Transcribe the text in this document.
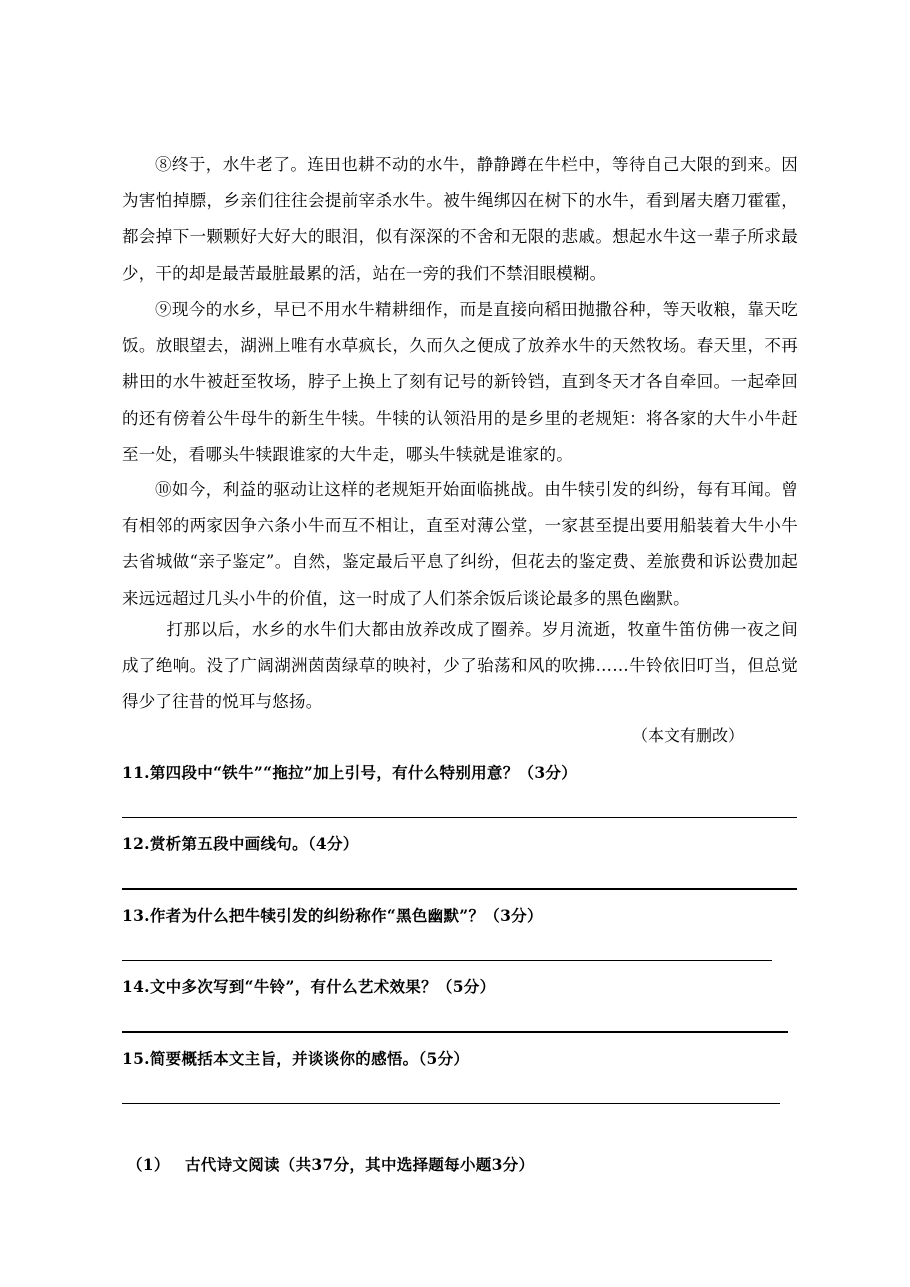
⑧终于，水牛老了。连田也耕不动的水牛，静静蹲在牛栏中，等待自己大限的到来。因为害怕掉膘，乡亲们往往会提前宰杀水牛。被牛绳绑囚在树下的水牛，看到屠夫磨刀霍霍，都会掉下一颗颗好大好大的眼泪，似有深深的不舍和无限的悲戚。想起水牛这一辈子所求最少，干的却是最苦最脏最累的活，站在一旁的我们不禁泪眼模糊。

⑨现今的水乡，早已不用水牛精耕细作，而是直接向稻田抛撒谷种，等天收粮，靠天吃饭。放眼望去，湖洲上唯有水草疯长，久而久之便成了放养水牛的天然牧场。春天里，不再耕田的水牛被赶至牧场，脖子上换上了刻有记号的新铃铛，直到冬天才各自牵回。一起牵回的还有傍着公牛母牛的新生牛犊。牛犊的认领沿用的是乡里的老规矩：将各家的大牛小牛赶至一处，看哪头牛犊跟谁家的大牛走，哪头牛犊就是谁家的。

⑩如今，利益的驱动让这样的老规矩开始面临挑战。由牛犊引发的纠纷，每有耳闻。曾有相邻的两家因争六条小牛而互不相让，直至对薄公堂，一家甚至提出要用船装着大牛小牛去省城做“亲子鉴定”。自然，鉴定最后平息了纠纷，但花去的鉴定费、差旅费和诉讼费加起来远远超过几头小牛的价值，这一时成了人们茶余饭后谈论最多的黑色幽默。

打那以后，水乡的水牛们大都由放养改成了圈养。岁月流逝，牧童牛笛仿佛一夜之间成了绝响。没了广阔湖洲茵茵绿草的映衬，少了骀荡和风的吹拂……牛铃依旧叮当，但总觉得少了往昔的悦耳与悠扬。

（本文有删改）

11.第四段中“铁牛”“拖拉”加上引号，有什么特别用意？（3分）

12.赏析第五段中画线句。（4分）

13.作者为什么把牛犊引发的纠纷称作“黑色幽默”？（3分）

14.文中多次写到“牛铃”，有什么艺术效果？（5分）

15.简要概括本文主旨，并谈谈你的感悟。（5分）

（1） 古代诗文阅读（共37分，其中选择题每小题3分）
